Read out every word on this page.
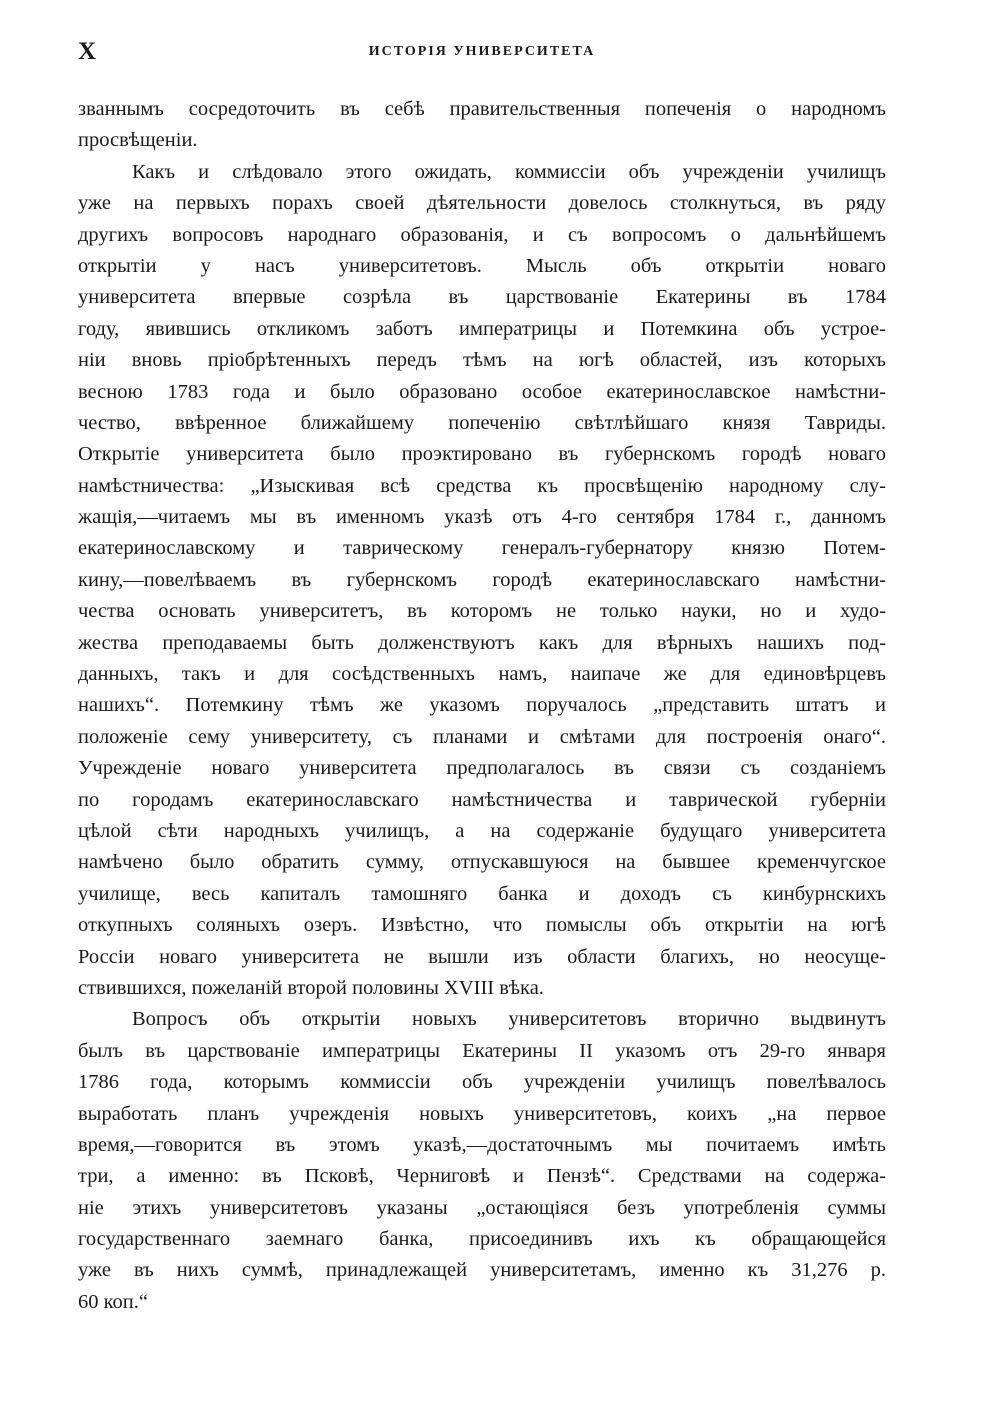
X	ИСТОРІЯ УНИВЕРСИТЕТА
званнымъ сосредоточить въ себѣ правительственныя попеченія о народномъ
просвѣщеніи.
Какъ и слѣдовало этого ожидать, коммиссіи объ учрежденіи училищъ
уже на первыхъ порахъ своей дѣятельности довелось столкнуться, въ ряду
другихъ вопросовъ народнаго образованія, и съ вопросомъ о дальнѣйшемъ
открытіи у насъ университетовъ. Мысль объ открытіи новаго
университета впервые созрѣла въ царствованіе Екатерины въ 1784
году, явившись откликомъ заботъ императрицы и Потемкина объ устрое-
ніи вновь пріобрѣтенныхъ передъ тѣмъ на югѣ областей, изъ которыхъ
весною 1783 года и было образовано особое екатеринославское намѣстни-
чество, ввѣренное ближайшему попеченію свѣтлѣйшаго князя Тавриды.
Открытіе университета было проэктировано въ губернскомъ городѣ новаго
намѣстничества: „Изыскивая всѣ средства къ просвѣщенію народному слу-
жащія,—читаемъ мы въ именномъ указѣ отъ 4-го сентября 1784 г., данномъ
екатеринославскому и таврическому генералъ-губернатору князю Потем-
кину,—повелѣваемъ въ губернскомъ городѣ екатеринославскаго намѣстни-
чества основать университетъ, въ которомъ не только науки, но и худо-
жества преподаваемы быть долженствуютъ какъ для вѣрныхъ нашихъ под-
данныхъ, такъ и для сосѣдственныхъ намъ, наипаче же для единовѣрцевъ
нашихъ“. Потемкину тѣмъ же указомъ поручалось „представить штатъ и
положеніе сему университету, съ планами и смѣтами для построенія онаго“.
Учрежденіе новаго университета предполагалось въ связи съ созданіемъ
по городамъ екатеринославскаго намѣстничества и таврической губерніи
цѣлой сѣти народныхъ училищъ, а на содержаніе будущаго университета
намѣчено было обратить сумму, отпускавшуюся на бывшее кременчугское
училище, весь капиталъ тамошняго банка и доходъ съ кинбурнскихъ
откупныхъ соляныхъ озеръ. Извѣстно, что помыслы объ открытіи на югѣ
Россіи новаго университета не вышли изъ области благихъ, но неосуще-
ствившихся, пожеланій второй половины XVIII вѣка.
Вопросъ объ открытіи новыхъ университетовъ вторично выдвинутъ
былъ въ царствованіе императрицы Екатерины II указомъ отъ 29-го января
1786 года, которымъ коммиссіи объ учрежденіи училищъ повелѣвалось
выработать планъ учрежденія новыхъ университетовъ, коихъ „на первое
время,—говорится въ этомъ указѣ,—достаточнымъ мы почитаемъ имѣть
три, а именно: въ Псковѣ, Черниговѣ и Пензѣ“. Средствами на содержа-
ніе этихъ университетовъ указаны „остающіяся безъ употребленія суммы
государственнаго заемнаго банка, присоединивъ ихъ къ обращающейся
уже въ нихъ суммѣ, принадлежащей университетамъ, именно къ 31,276 р.
60 коп.“
